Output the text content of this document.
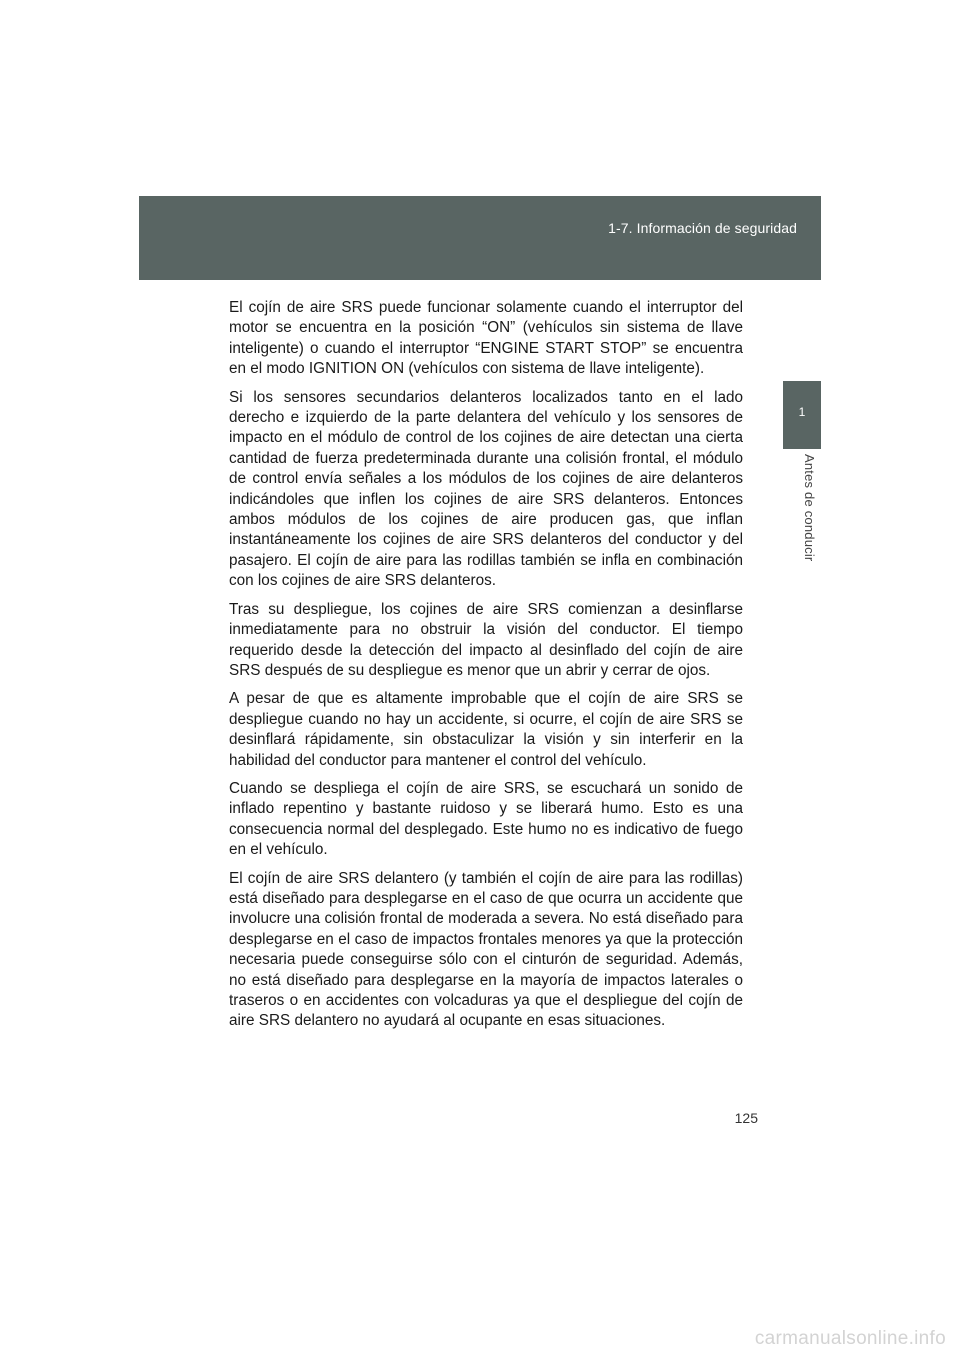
1-7. Información de seguridad
1
Antes de conducir

El cojín de aire SRS puede funcionar solamente cuando el interruptor del motor se encuentra en la posición “ON” (vehículos sin sistema de llave inteligente) o cuando el interruptor “ENGINE START STOP” se encuentra en el modo IGNITION ON (vehículos con sistema de llave inteligente).

Si los sensores secundarios delanteros localizados tanto en el lado derecho e izquierdo de la parte delantera del vehículo y los sensores de impacto en el módulo de control de los cojines de aire detectan una cierta cantidad de fuerza predeterminada durante una colisión frontal, el módulo de control envía señales a los módulos de los cojines de aire delanteros indicándoles que inflen los cojines de aire SRS delanteros. Entonces ambos módulos de los cojines de aire producen gas, que inflan instantáneamente los cojines de aire SRS delanteros del conductor y del pasajero. El cojín de aire para las rodillas también se infla en combinación con los cojines de aire SRS delanteros.

Tras su despliegue, los cojines de aire SRS comienzan a desinflarse inmediatamente para no obstruir la visión del conductor. El tiempo requerido desde la detección del impacto al desinflado del cojín de aire SRS después de su despliegue es menor que un abrir y cerrar de ojos.

A pesar de que es altamente improbable que el cojín de aire SRS se despliegue cuando no hay un accidente, si ocurre, el cojín de aire SRS se desinflará rápidamente, sin obstaculizar la visión y sin interferir en la habilidad del conductor para mantener el control del vehículo.

Cuando se despliega el cojín de aire SRS, se escuchará un sonido de inflado repentino y bastante ruidoso y se liberará humo. Esto es una consecuencia normal del desplegado. Este humo no es indicativo de fuego en el vehículo.

El cojín de aire SRS delantero (y también el cojín de aire para las rodillas) está diseñado para desplegarse en el caso de que ocurra un accidente que involucre una colisión frontal de moderada a severa. No está diseñado para desplegarse en el caso de impactos frontales menores ya que la protección necesaria puede conseguirse sólo con el cinturón de seguridad. Además, no está diseñado para desplegarse en la mayoría de impactos laterales o traseros o en accidentes con volcaduras ya que el despliegue del cojín de aire SRS delantero no ayudará al ocupante en esas situaciones.

125
carmanualsonline.info
